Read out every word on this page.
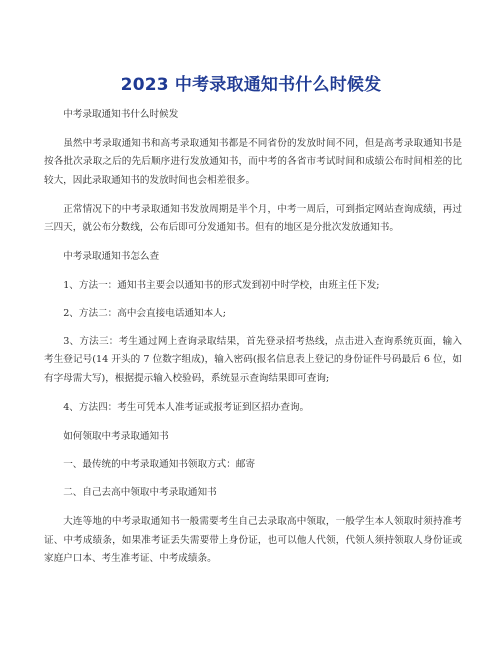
2023 中考录取通知书什么时候发

中考录取通知书什么时候发

虽然中考录取通知书和高考录取通知书都是不同省份的发放时间不同，但是高考录取通知书是按各批次录取之后的先后顺序进行发放通知书，而中考的各省市考试时间和成绩公布时间相差的比较大，因此录取通知书的发放时间也会相差很多。

正常情况下的中考录取通知书发放周期是半个月，中考一周后，可到指定网站查询成绩，再过三四天，就公布分数线，公布后即可分发通知书。但有的地区是分批次发放通知书。

中考录取通知书怎么查

1、方法一：通知书主要会以通知书的形式发到初中时学校，由班主任下发;

2、方法二：高中会直接电话通知本人;

3、方法三：考生通过网上查询录取结果，首先登录招考热线，点击进入查询系统页面，输入考生登记号(14 开头的 7 位数字组成)，输入密码(报名信息表上登记的身份证件号码最后 6 位，如有字母需大写)，根据提示输入校验码，系统显示查询结果即可查询;

4、方法四：考生可凭本人准考证或报考证到区招办查询。

如何领取中考录取通知书

一、最传统的中考录取通知书领取方式：邮寄

二、自己去高中领取中考录取通知书

大连等地的中考录取通知书一般需要考生自己去录取高中领取，一般学生本人领取时须持准考证、中考成绩条，如果准考证丢失需要带上身份证，也可以他人代领，代领人须持领取人身份证或家庭户口本、考生准考证、中考成绩条。
